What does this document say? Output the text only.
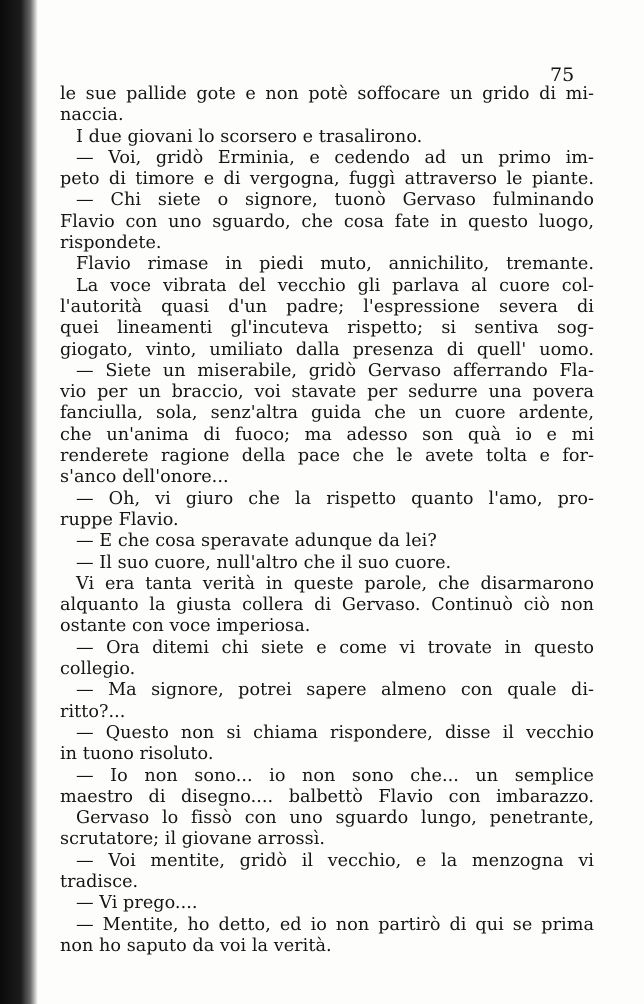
75
le sue pallide gote e non potè soffocare un grido di mi-
naccia.
I due giovani lo scorsero e trasalirono.
— Voi, gridò Erminia, e cedendo ad un primo im-
peto di timore e di vergogna, fuggì attraverso le piante.
— Chi siete o signore, tuonò Gervaso fulminando
Flavio con uno sguardo, che cosa fate in questo luogo,
rispondete.
Flavio rimase in piedi muto, annichilito, tremante.
La voce vibrata del vecchio gli parlava al cuore col-
l'autorità quasi d'un padre; l'espressione severa di
quei lineamenti gl'incuteva rispetto; si sentiva sog-
giogato, vinto, umiliato dalla presenza di quell' uomo.
— Siete un miserabile, gridò Gervaso afferrando Fla-
vio per un braccio, voi stavate per sedurre una povera
fanciulla, sola, senz'altra guida che un cuore ardente,
che un'anima di fuoco; ma adesso son quà io e mi
renderete ragione della pace che le avete tolta e for-
s'anco dell'onore...
— Oh, vi giuro che la rispetto quanto l'amo, pro-
ruppe Flavio.
— E che cosa speravate adunque da lei?
— Il suo cuore, null'altro che il suo cuore.
Vi era tanta verità in queste parole, che disarmarono
alquanto la giusta collera di Gervaso. Continuò ciò non
ostante con voce imperiosa.
— Ora ditemi chi siete e come vi trovate in questo
collegio.
— Ma signore, potrei sapere almeno con quale di-
ritto?...
— Questo non si chiama rispondere, disse il vecchio
in tuono risoluto.
— Io non sono... io non sono che... un semplice
maestro di disegno.... balbettò Flavio con imbarazzo.
Gervaso lo fissò con uno sguardo lungo, penetrante,
scrutatore; il giovane arrossì.
— Voi mentite, gridò il vecchio, e la menzogna vi
tradisce.
— Vi prego....
— Mentite, ho detto, ed io non partirò di qui se prima
non ho saputo da voi la verità.
